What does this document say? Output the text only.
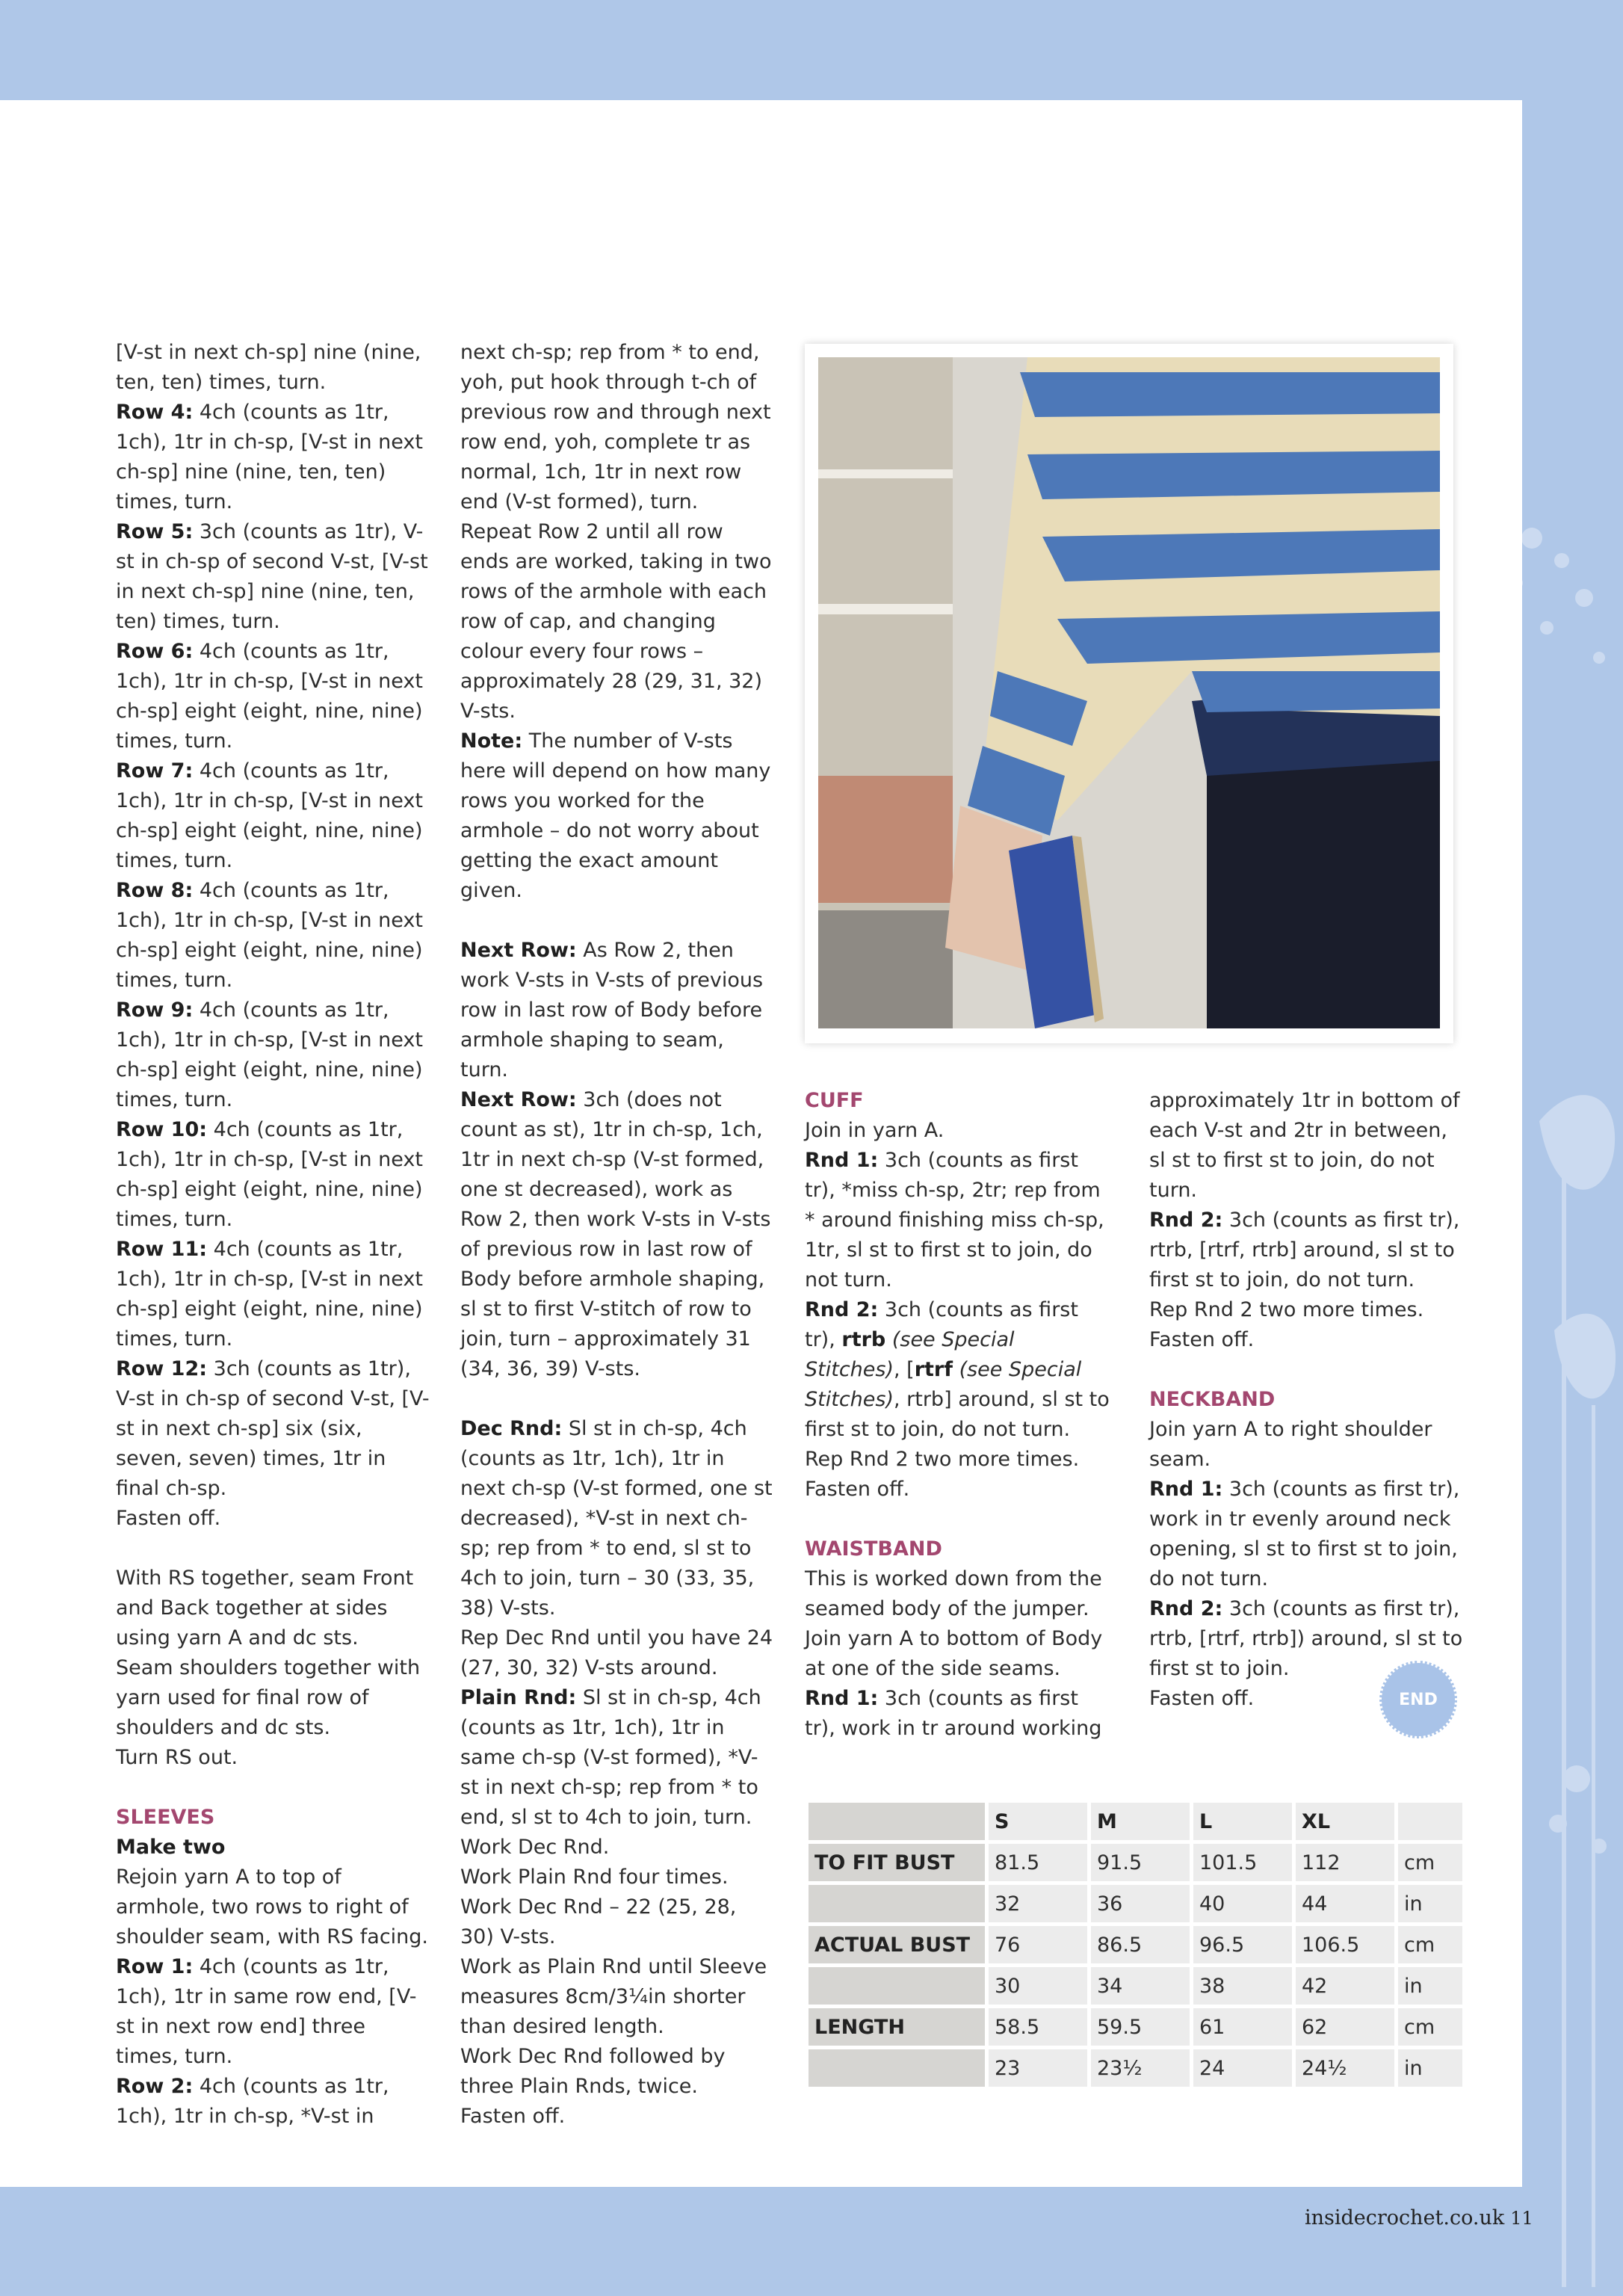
[V-st in next ch-sp] nine (nine, ten, ten) times, turn.

Row 4: 4ch (counts as 1tr, 1ch), 1tr in ch-sp, [V-st in next ch-sp] nine (nine, ten, ten) times, turn.

Row 5: 3ch (counts as 1tr), V-st in ch-sp of second V-st, [V-st in next ch-sp] nine (nine, ten, ten) times, turn.

Row 6: 4ch (counts as 1tr, 1ch), 1tr in ch-sp, [V-st in next ch-sp] eight (eight, nine, nine) times, turn.

Row 7: 4ch (counts as 1tr, 1ch), 1tr in ch-sp, [V-st in next ch-sp] eight (eight, nine, nine) times, turn.

Row 8: 4ch (counts as 1tr, 1ch), 1tr in ch-sp, [V-st in next ch-sp] eight (eight, nine, nine) times, turn.

Row 9: 4ch (counts as 1tr, 1ch), 1tr in ch-sp, [V-st in next ch-sp] eight (eight, nine, nine) times, turn.

Row 10: 4ch (counts as 1tr, 1ch), 1tr in ch-sp, [V-st in next ch-sp] eight (eight, nine, nine) times, turn.

Row 11: 4ch (counts as 1tr, 1ch), 1tr in ch-sp, [V-st in next ch-sp] eight (eight, nine, nine) times, turn.

Row 12: 3ch (counts as 1tr), V-st in ch-sp of second V-st, [V-st in next ch-sp] six (six, seven, seven) times, 1tr in final ch-sp.

Fasten off.

With RS together, seam Front and Back together at sides using yarn A and dc sts.

Seam shoulders together with yarn used for final row of shoulders and dc sts.

Turn RS out.

SLEEVES

Make two

Rejoin yarn A to top of armhole, two rows to right of shoulder seam, with RS facing.

Row 1: 4ch (counts as 1tr, 1ch), 1tr in same row end, [V-st in next row end] three times, turn.

Row 2: 4ch (counts as 1tr, 1ch), 1tr in ch-sp, *V-st in

next ch-sp; rep from * to end, yoh, put hook through t-ch of previous row and through next row end, yoh, complete tr as normal, 1ch, 1tr in next row end (V-st formed), turn.

Repeat Row 2 until all row ends are worked, taking in two rows of the armhole with each row of cap, and changing colour every four rows – approximately 28 (29, 31, 32) V-sts.

Note: The number of V-sts here will depend on how many rows you worked for the armhole – do not worry about getting the exact amount given.

Next Row: As Row 2, then work V-sts in V-sts of previous row in last row of Body before armhole shaping to seam, turn.

Next Row: 3ch (does not count as st), 1tr in ch-sp, 1ch, 1tr in next ch-sp (V-st formed, one st decreased), work as Row 2, then work V-sts in V-sts of previous row in last row of Body before armhole shaping, sl st to first V-stitch of row to join, turn – approximately 31 (34, 36, 39) V-sts.

Dec Rnd: Sl st in ch-sp, 4ch (counts as 1tr, 1ch), 1tr in next ch-sp (V-st formed, one st decreased), *V-st in next ch-sp; rep from * to end, sl st to 4ch to join, turn – 30 (33, 35, 38) V-sts.

Rep Dec Rnd until you have 24 (27, 30, 32) V-sts around.

Plain Rnd: Sl st in ch-sp, 4ch (counts as 1tr, 1ch), 1tr in same ch-sp (V-st formed), *V-st in next ch-sp; rep from * to end, sl st to 4ch to join, turn.

Work Dec Rnd.

Work Plain Rnd four times.

Work Dec Rnd – 22 (25, 28, 30) V-sts.

Work as Plain Rnd until Sleeve measures 8cm/3¼in shorter than desired length.

Work Dec Rnd followed by three Plain Rnds, twice.

Fasten off.

CUFF

Join in yarn A.

Rnd 1: 3ch (counts as first tr), *miss ch-sp, 2tr; rep from * around finishing miss ch-sp, 1tr, sl st to first st to join, do not turn.

Rnd 2: 3ch (counts as first tr), rtrb (see Special Stitches), [rtrf (see Special Stitches), rtrb] around, sl st to first st to join, do not turn.

Rep Rnd 2 two more times.

Fasten off.

WAISTBAND

This is worked down from the seamed body of the jumper.

Join yarn A to bottom of Body at one of the side seams.

Rnd 1: 3ch (counts as first tr), work in tr around working

approximately 1tr in bottom of each V-st and 2tr in between, sl st to first st to join, do not turn.

Rnd 2: 3ch (counts as first tr), rtrb, [rtrf, rtrb] around, sl st to first st to join, do not turn.

Rep Rnd 2 two more times.

Fasten off.

NECKBAND

Join yarn A to right shoulder seam.

Rnd 1: 3ch (counts as first tr), work in tr evenly around neck opening, sl st to first st to join, do not turn.

Rnd 2: 3ch (counts as first tr), rtrb, [rtrf, rtrb]) around, sl st to first st to join.

Fasten off.	END
	S	M	L	XL	
TO FIT BUST	81.5	91.5	101.5	112	cm
	32	36	40	44	in
ACTUAL BUST	76	86.5	96.5	106.5	cm
	30	34	38	42	in
LENGTH	58.5	59.5	61	62	cm
	23	23½	24	24½	in
insidecrochet.co.uk 11
